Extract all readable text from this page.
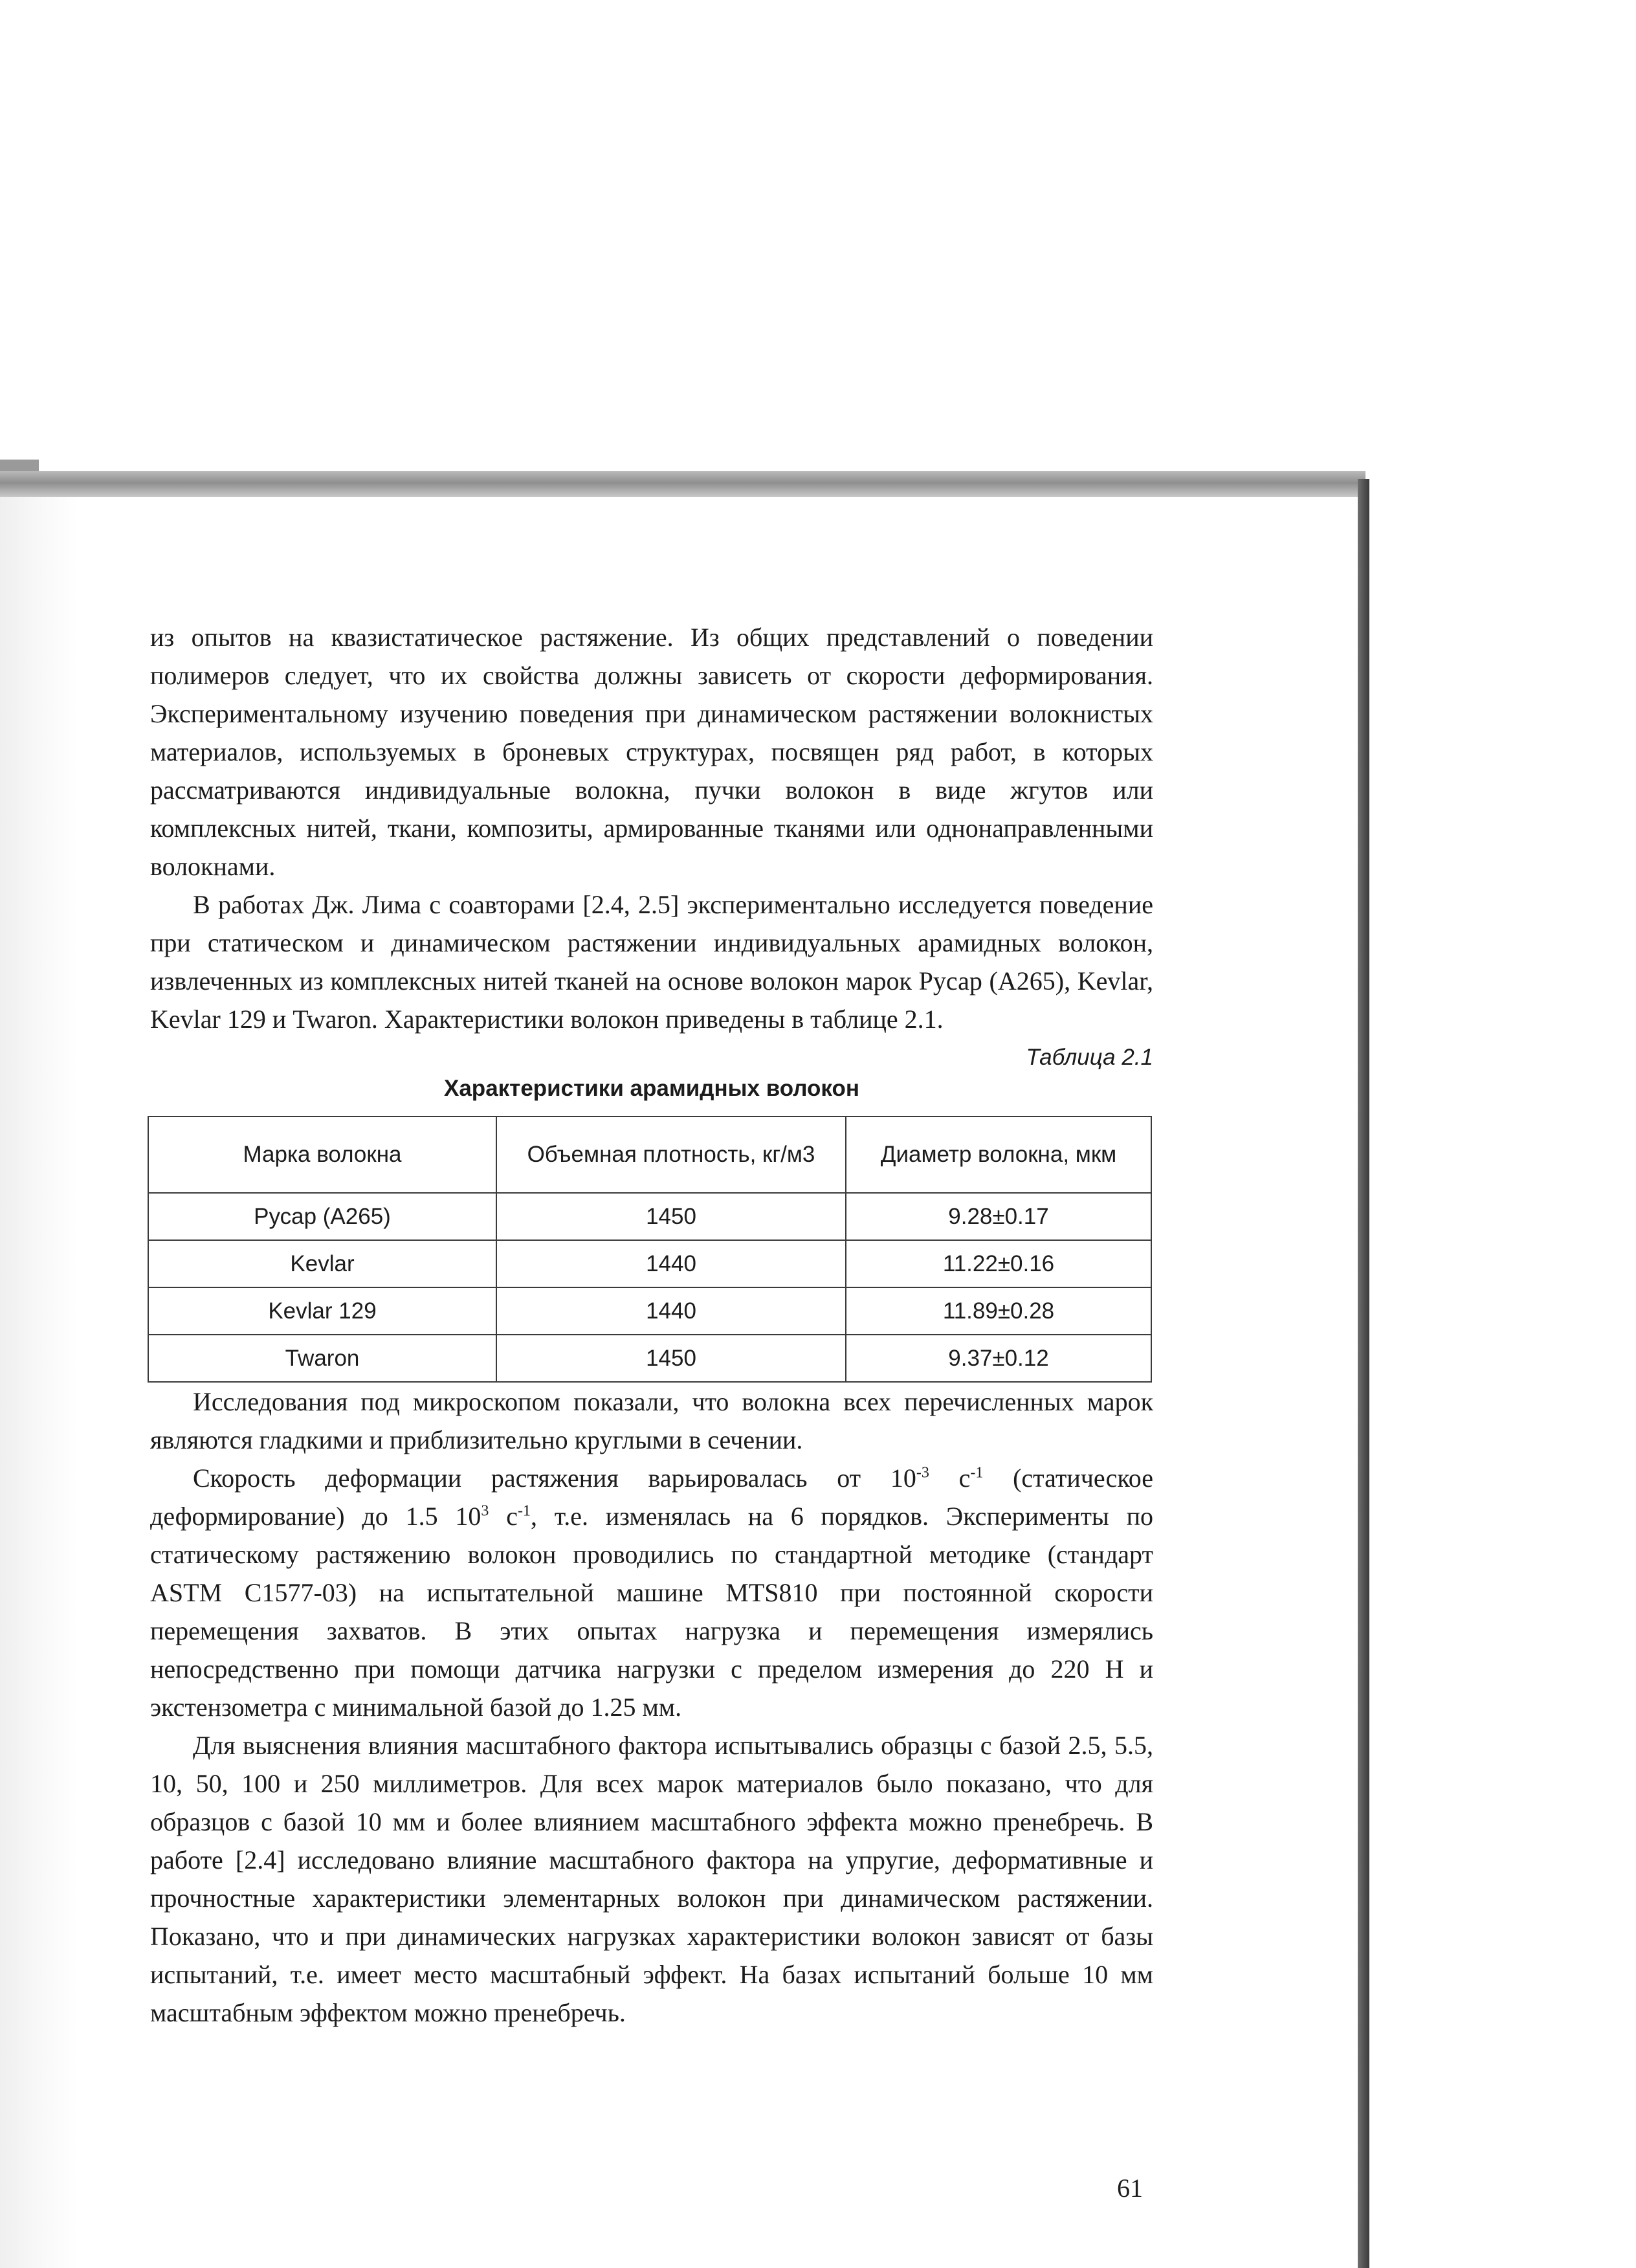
из опытов на квазистатическое растяжение. Из общих представлений о поведении полимеров следует, что их свойства должны зависеть от скорости деформирования. Экспериментальному изучению поведения при динамическом растяжении волокнистых материалов, используемых в броневых структурах, посвящен ряд работ, в которых рассматриваются индивидуальные волокна, пучки волокон в виде жгутов или комплексных нитей, ткани, композиты, армированные тканями или однонаправленными волокнами.

В работах Дж. Лима с соавторами [2.4, 2.5] экспериментально исследуется поведение при статическом и динамическом растяжении индивидуальных арамидных волокон, извлеченных из комплексных нитей тканей на основе волокон марок Русар (А265), Kevlar, Kevlar 129 и Twaron. Характеристики волокон приведены в таблице 2.1.

Таблица 2.1
Характеристики арамидных волокон
Марка волокна	Объемная плотность, кг/м3	Диаметр волокна, мкм
Русар (А265)	1450	9.28±0.17
Kevlar	1440	11.22±0.16
Kevlar 129	1440	11.89±0.28
Twaron	1450	9.37±0.12

Исследования под микроскопом показали, что волокна всех перечисленных марок являются гладкими и приблизительно круглыми в сечении.

Скорость деформации растяжения варьировалась от $10^{-3}$ $с^{-1}$ (статическое деформирование) до 1.5 $10^3$ $с^{-1}$, т.е. изменялась на 6 порядков. Эксперименты по статическому растяжению волокон проводились по стандартной методике (стандарт ASTM C1577-03) на испытательной машине MTS810 при постоянной скорости перемещения захватов. В этих опытах нагрузка и перемещения измерялись непосредственно при помощи датчика нагрузки с пределом измерения до 220 Н и экстензометра с минимальной базой до 1.25 мм.

Для выяснения влияния масштабного фактора испытывались образцы с базой 2.5, 5.5, 10, 50, 100 и 250 миллиметров. Для всех марок материалов было показано, что для образцов с базой 10 мм и более влиянием масштабного эффекта можно пренебречь. В работе [2.4] исследовано влияние масштабного фактора на упругие, деформативные и прочностные характеристики элементарных волокон при динамическом растяжении. Показано, что и при динамических нагрузках характеристики волокон зависят от базы испытаний, т.е. имеет место масштабный эффект. На базах испытаний больше 10 мм масштабным эффектом можно пренебречь.

61
